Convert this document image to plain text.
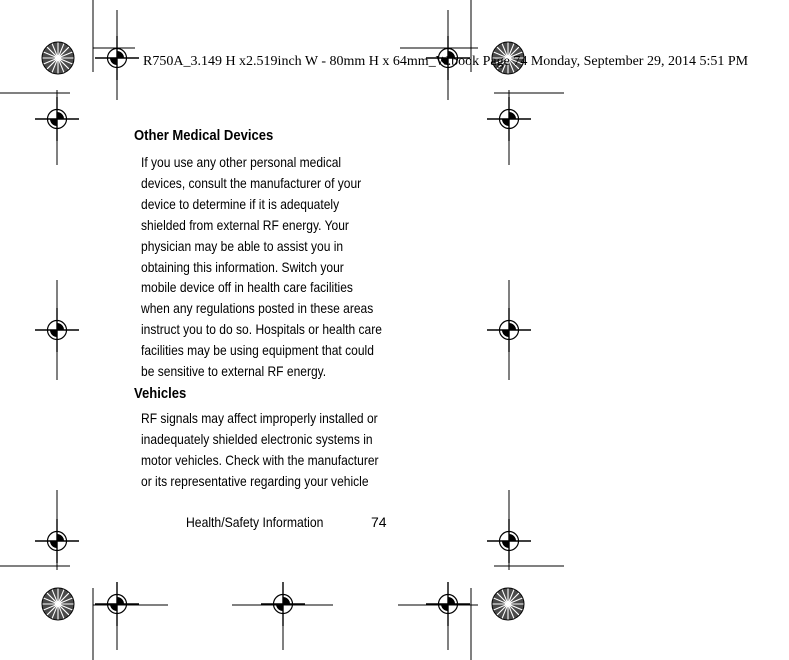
R750A_3.149 H x2.519inch W - 80mm H x 64mm_W.book Page 74 Monday, September 29, 2014 5:51 PM
Other Medical Devices
If you use any other personal medical
devices, consult the manufacturer of your
device to determine if it is adequately
shielded from external RF energy. Your
physician may be able to assist you in
obtaining this information. Switch your
mobile device off in health care facilities
when any regulations posted in these areas
instruct you to do so. Hospitals or health care
facilities may be using equipment that could
be sensitive to external RF energy.
Vehicles
RF signals may affect improperly installed or
inadequately shielded electronic systems in
motor vehicles. Check with the manufacturer
or its representative regarding your vehicle
Health/Safety Information	74
